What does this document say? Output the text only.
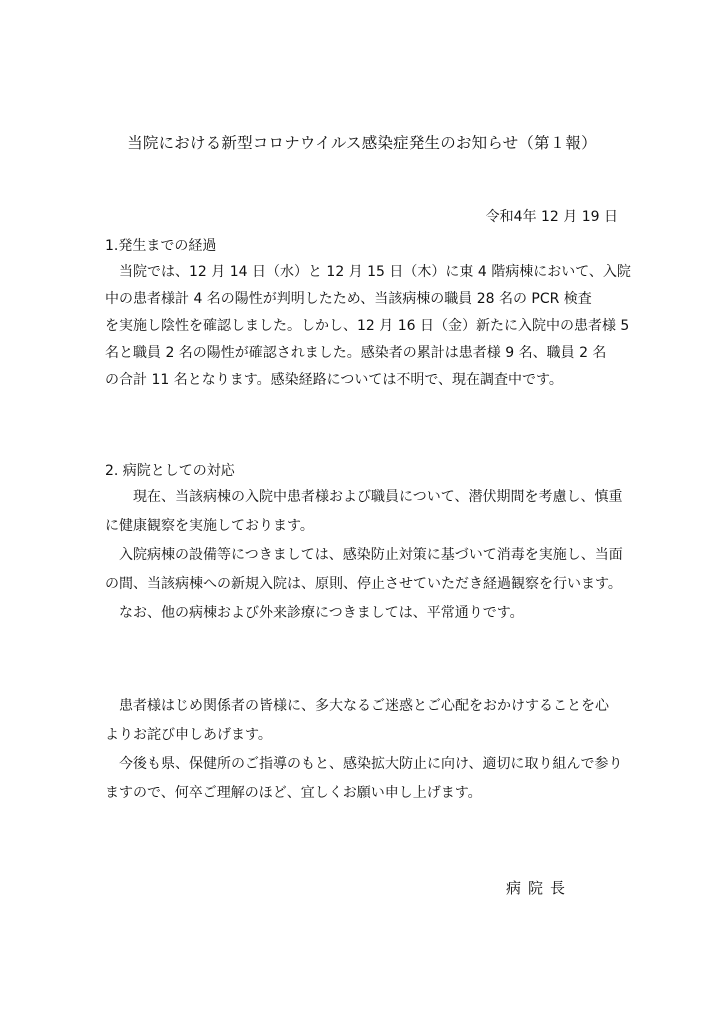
当院における新型コロナウイルス感染症発生のお知らせ（第１報）
令和4年 12 月 19 日
1.発生までの経過
　当院では、12 月 14 日（水）と 12 月 15 日（木）に東 4 階病棟において、入院
中の患者様計 4 名の陽性が判明したため、当該病棟の職員 28 名の PCR 検査
を実施し陰性を確認しました。しかし、12 月 16 日（金）新たに入院中の患者様 5
名と職員 2 名の陽性が確認されました。感染者の累計は患者様 9 名、職員 2 名
の合計 11 名となります。感染経路については不明で、現在調査中です。
2. 病院としての対応
　　現在、当該病棟の入院中患者様および職員について、潜伏期間を考慮し、慎重
に健康観察を実施しております。
　入院病棟の設備等につきましては、感染防止対策に基づいて消毒を実施し、当面
の間、当該病棟への新規入院は、原則、停止させていただき経過観察を行います。
　なお、他の病棟および外来診療につきましては、平常通りです。
　患者様はじめ関係者の皆様に、多大なるご迷惑とご心配をおかけすることを心
よりお詫び申しあげます。
　今後も県、保健所のご指導のもと、感染拡大防止に向け、適切に取り組んで参り
ますので、何卒ご理解のほど、宜しくお願い申し上げます。
病院長
